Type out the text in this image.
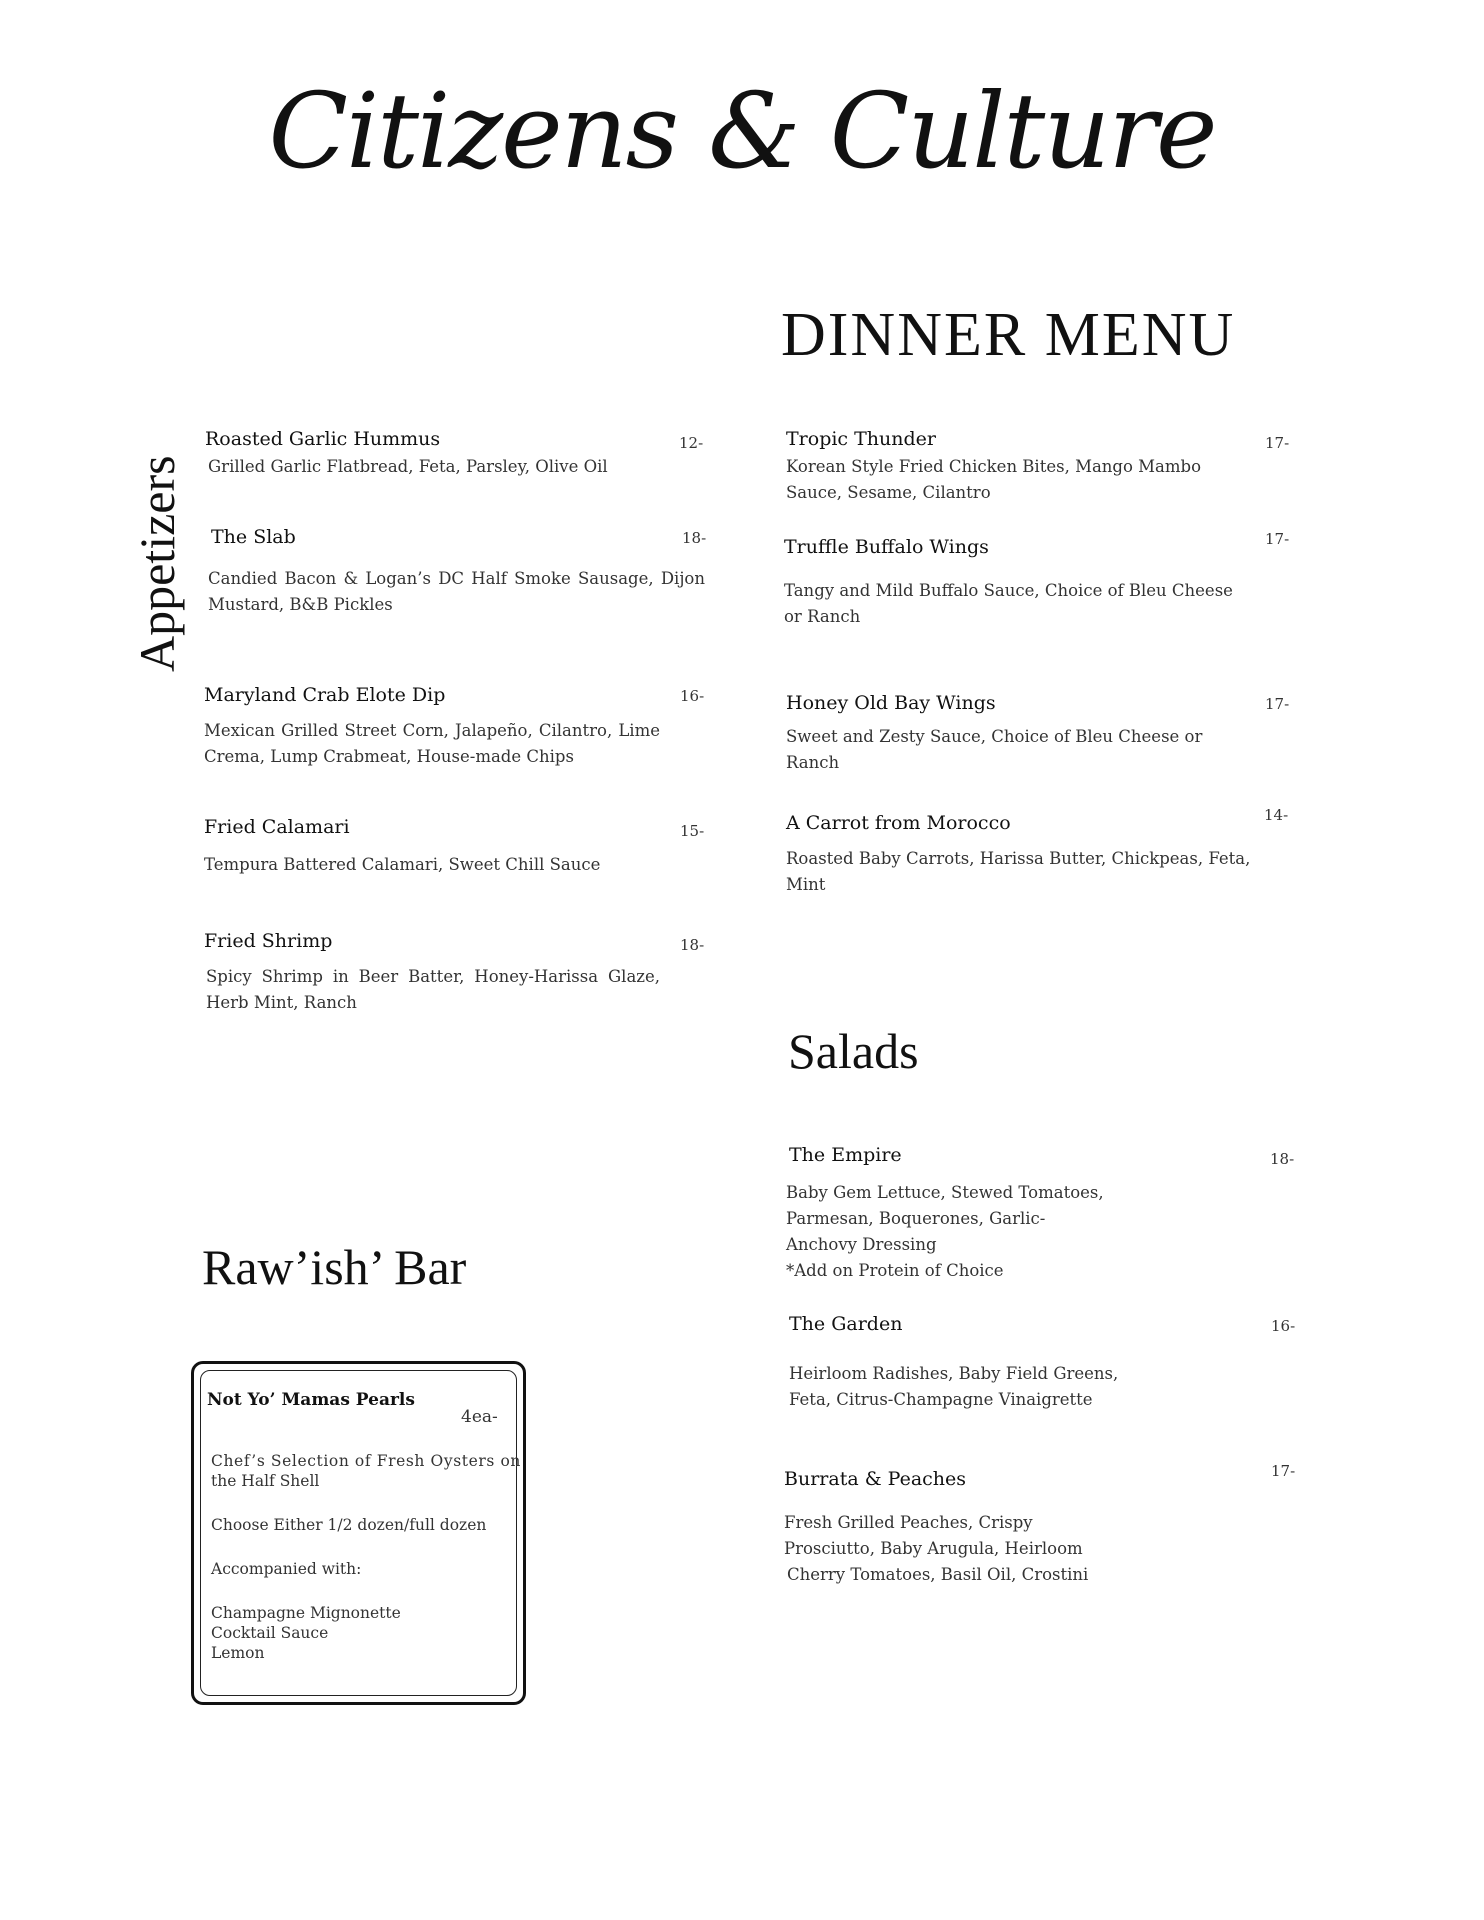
Citizens & Culture
DINNER MENU
Appetizers
Roasted Garlic Hummus	12-
Grilled Garlic Flatbread, Feta, Parsley, Olive Oil
The Slab	18-
Candied Bacon & Logan’s DC Half Smoke Sausage, Dijon Mustard, B&B Pickles
Maryland Crab Elote Dip	16-
Mexican Grilled Street Corn, Jalapeño, Cilantro, Lime Crema, Lump Crabmeat, House-made Chips
Fried Calamari	15-
Tempura Battered Calamari, Sweet Chill Sauce
Fried Shrimp	18-
Spicy Shrimp in Beer Batter, Honey-Harissa Glaze, Herb Mint, Ranch
Tropic Thunder	17-
Korean Style Fried Chicken Bites, Mango Mambo Sauce, Sesame, Cilantro
Truffle Buffalo Wings	17-
Tangy and Mild Buffalo Sauce, Choice of Bleu Cheese or Ranch
Honey Old Bay Wings	17-
Sweet and Zesty Sauce, Choice of Bleu Cheese or Ranch
A Carrot from Morocco	14-
Roasted Baby Carrots, Harissa Butter, Chickpeas, Feta, Mint
Salads
The Empire	18-
Baby Gem Lettuce, Stewed Tomatoes,
Parmesan, Boquerones, Garlic-
Anchovy Dressing
*Add on Protein of Choice
The Garden	16-
Heirloom Radishes, Baby Field Greens,
Feta, Citrus-Champagne Vinaigrette
Burrata & Peaches	17-
Fresh Grilled Peaches, Crispy
Prosciutto, Baby Arugula, Heirloom
Cherry Tomatoes, Basil Oil, Crostini
Raw’ish’ Bar
Not Yo’ Mamas Pearls
4ea-
Chef’s Selection of Fresh Oysters on
the Half Shell
Choose Either 1/2 dozen/full dozen
Accompanied with:
Champagne Mignonette
Cocktail Sauce
Lemon
